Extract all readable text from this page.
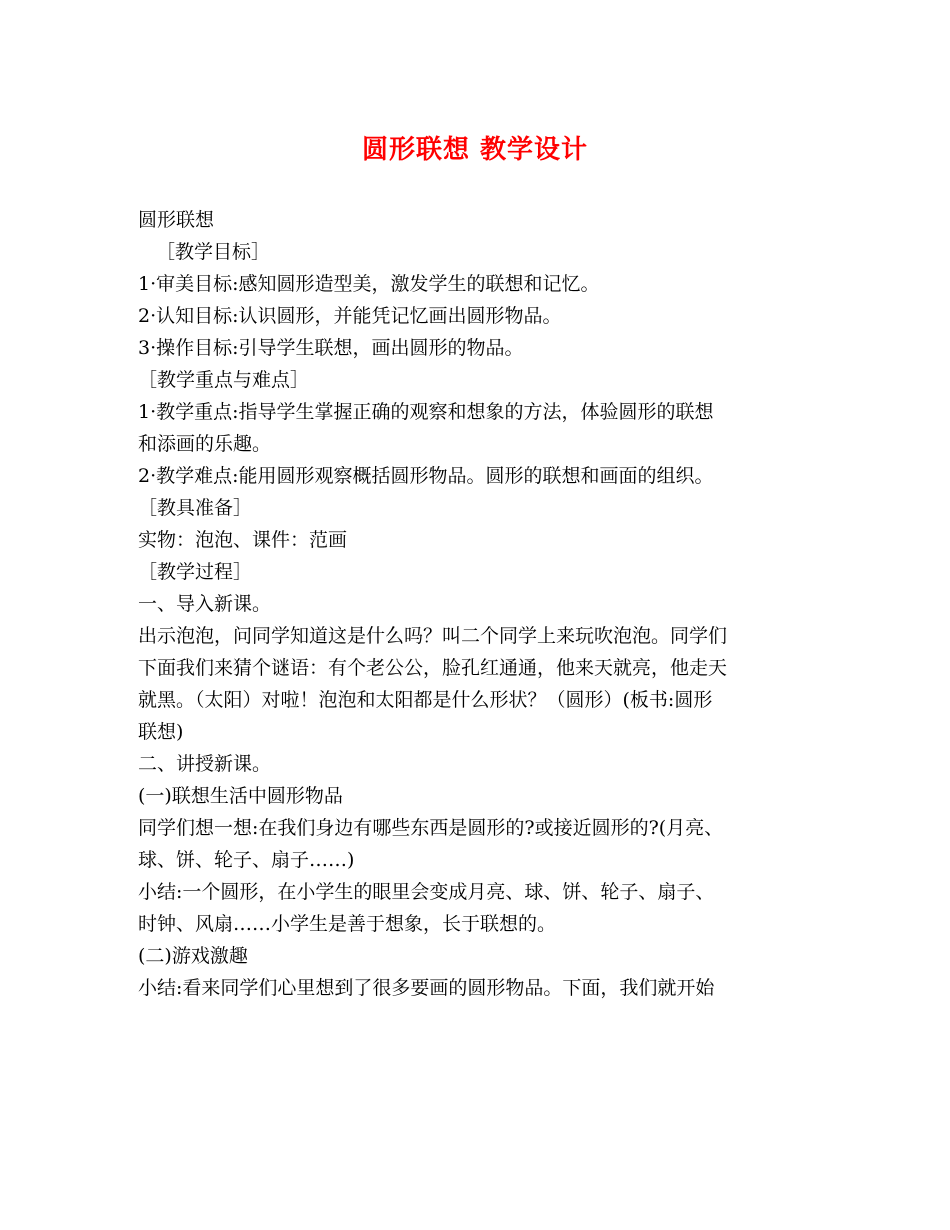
圆形联想 教学设计
圆形联想
［教学目标］
1·审美目标:感知圆形造型美，激发学生的联想和记忆。
2·认知目标:认识圆形，并能凭记忆画出圆形物品。
3·操作目标:引导学生联想，画出圆形的物品。
［教学重点与难点］
1·教学重点:指导学生掌握正确的观察和想象的方法，体验圆形的联想
和添画的乐趣。
2·教学难点:能用圆形观察概括圆形物品。圆形的联想和画面的组织。
［教具准备］
实物：泡泡、课件：范画
［教学过程］
一、导入新课。
出示泡泡，问同学知道这是什么吗？叫二个同学上来玩吹泡泡。同学们
下面我们来猜个谜语：有个老公公，脸孔红通通，他来天就亮，他走天
就黑。（太阳）对啦！泡泡和太阳都是什么形状？（圆形）(板书:圆形
联想)
二、讲授新课。
(一)联想生活中圆形物品
同学们想一想:在我们身边有哪些东西是圆形的?或接近圆形的?(月亮、
球、饼、轮子、扇子……)
小结:一个圆形，在小学生的眼里会变成月亮、球、饼、轮子、扇子、
时钟、风扇……小学生是善于想象，长于联想的。
(二)游戏激趣
小结:看来同学们心里想到了很多要画的圆形物品。下面，我们就开始
